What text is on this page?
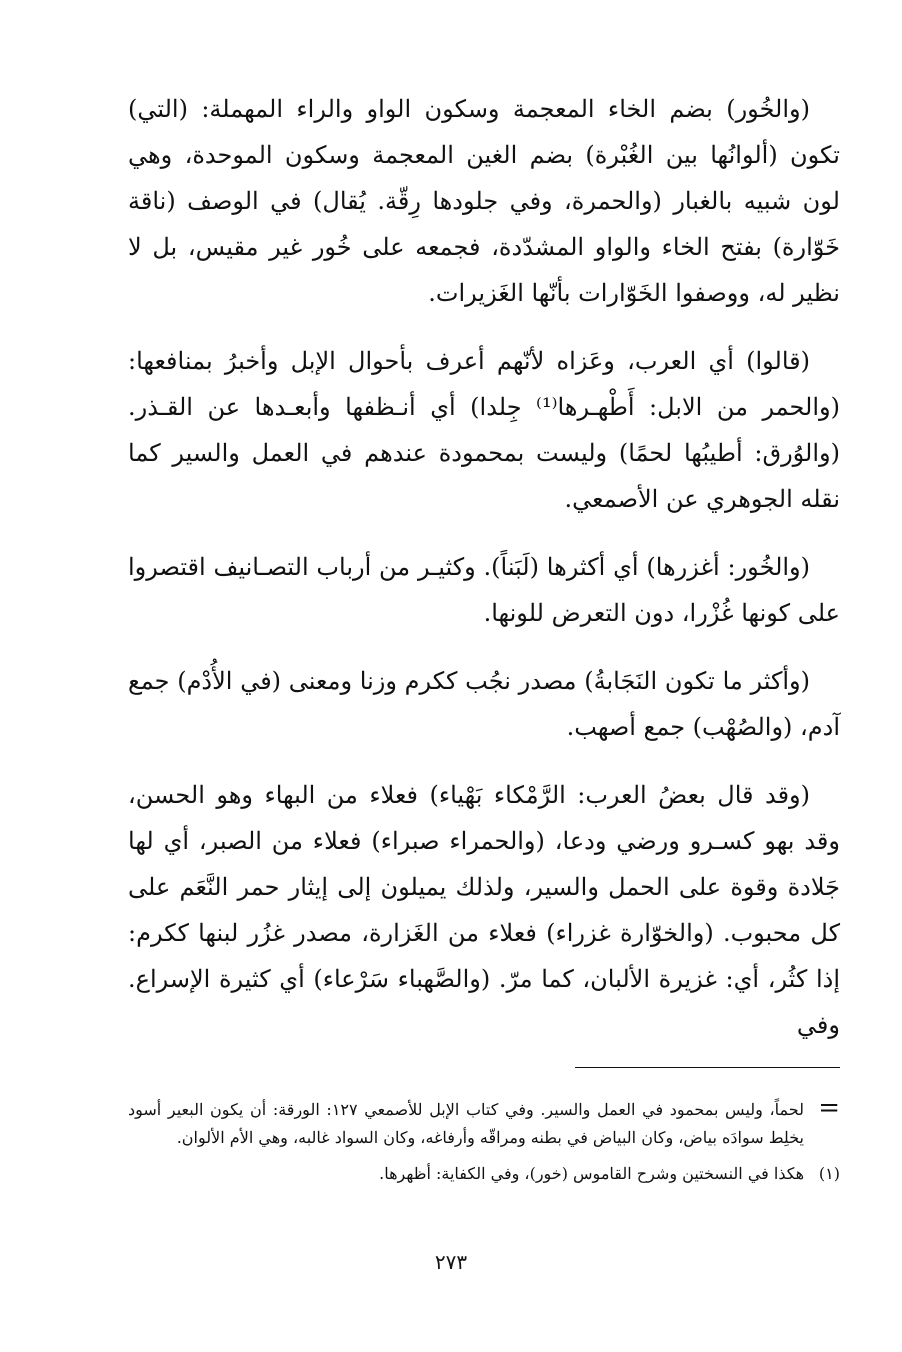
(والخُور) بضم الخاء المعجمة وسكون الواو والراء المهملة: (التي) تكون (ألوانُها بين الغُبْرة) بضم الغين المعجمة وسكون الموحدة، وهي لون شبيه بالغبار (والحمرة، وفي جلودها رِقّة. يُقال) في الوصف (ناقة خَوّارة) بفتح الخاء والواو المشدّدة، فجمعه على خُور غير مقيس، بل لا نظير له، ووصفوا الخَوّارات بأنّها الغَزيرات.

(قالوا) أي العرب، وعَزاه لأنّهم أعرف بأحوال الإبل وأخبرُ بمنافعها: (والحمر من الابل: أَطْهـرها⁽¹⁾ جِلدا) أي أنـظفها وأبعـدها عن القـذر. (والوُرق: أطيبُها لحمًا) وليست بمحمودة عندهم في العمل والسير كما نقله الجوهري عن الأصمعي.

(والخُور: أغزرها) أي أكثرها (لَبَناً). وكثيـر من أرباب التصـانيف اقتصروا على كونها غُزْرا، دون التعرض للونها.

(وأكثر ما تكون النَجَابةُ) مصدر نجُب ككرم وزنا ومعنى (في الأُدْم) جمع آدم، (والصُهْب) جمع أصهب.

(وقد قال بعضُ العرب: الرَّمْكاء بَهْياء) فعلاء من البهاء وهو الحسن، وقد بهو كسـرو ورضي ودعا، (والحمراء صبراء) فعلاء من الصبر، أي لها جَلادة وقوة على الحمل والسير، ولذلك يميلون إلى إيثار حمر النَّعَم على كل محبوب. (والخوّارة غزراء) فعلاء من الغَزارة، مصدر غزُر لبنها ككرم: إذا كثُر، أي: غزيرة الألبان، كما مرّ. (والصَّهباء سَرْعاء) أي كثيرة الإسراع. وفي

=
لحماً، وليس بمحمود في العمل والسير. وفي كتاب الإبل للأصمعي ١٢٧: الورقة: أن يكون البعير أسود يخلِط سوادَه بياض، وكان البياض في بطنه ومراقّه وأرفاغه، وكان السواد غالبه، وهي الأم الألوان.
(١)
هكذا في النسختين وشرح القاموس (خور)، وفي الكفاية: أظهرها.
٢٧٣
